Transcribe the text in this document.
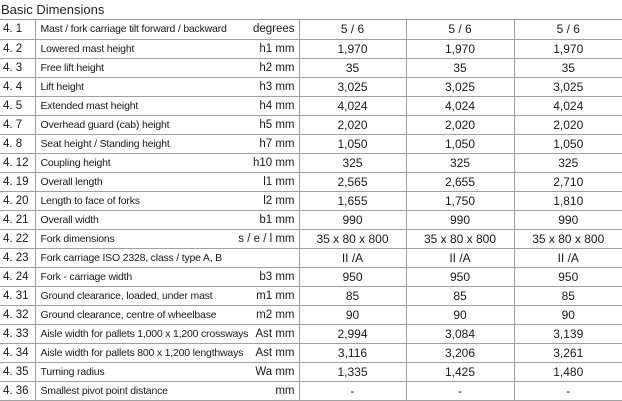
Basic Dimensions
4. 1	Mast / fork carriage tilt forward / backward	degrees	5 / 6	5 / 6	5 / 6
4. 2	Lowered mast height	h1 mm	1,970	1,970	1,970
4. 3	Free lift height	h2 mm	35	35	35
4. 4	Lift height	h3 mm	3,025	3,025	3,025
4. 5	Extended mast height	h4 mm	4,024	4,024	4,024
4. 7	Overhead guard (cab) height	h5 mm	2,020	2,020	2,020
4. 8	Seat height / Standing height	h7 mm	1,050	1,050	1,050
4. 12	Coupling height	h10 mm	325	325	325
4. 19	Overall length	l1 mm	2,565	2,655	2,710
4. 20	Length to face of forks	l2 mm	1,655	1,750	1,810
4. 21	Overall width	b1 mm	990	990	990
4. 22	Fork dimensions	s / e / l mm	35 x 80 x 800	35 x 80 x 800	35 x 80 x 800
4. 23	Fork carriage ISO 2328, class / type A, B		II /A	II /A	II /A
4. 24	Fork - carriage width	b3 mm	950	950	950
4. 31	Ground clearance, loaded, under mast	m1 mm	85	85	85
4. 32	Ground clearance, centre of wheelbase	m2 mm	90	90	90
4. 33	Aisle width for pallets 1,000 x 1,200 crossways	Ast mm	2,994	3,084	3,139
4. 34	Aisle width for pallets 800 x 1,200 lengthways	Ast mm	3,116	3,206	3,261
4. 35	Turning radius	Wa mm	1,335	1,425	1,480
4. 36	Smallest pivot point distance	mm	-	-	-
